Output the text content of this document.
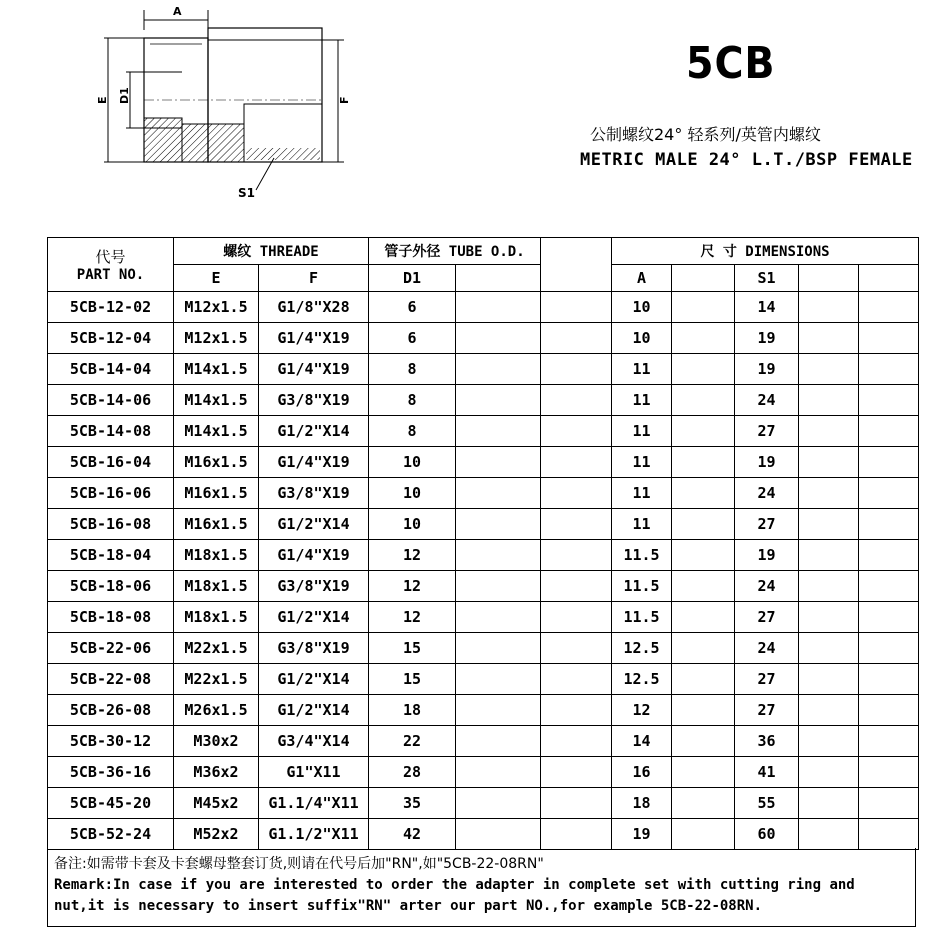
A
E D1	F
S1
5CB
公制螺纹24° 轻系列/英管内螺纹
METRIC MALE 24° L.T./BSP FEMALE
代号
PART NO.	螺纹 THREADE		管子外径 TUBE O.D.			尺 寸 DIMENSIONS				
	E	F	D1			A		S1		
5CB-12-02	M12x1.5	G1/8"X28	6			10		14		
5CB-12-04	M12x1.5	G1/4"X19	6			10		19		
5CB-14-04	M14x1.5	G1/4"X19	8			11		19		
5CB-14-06	M14x1.5	G3/8"X19	8			11		24		
5CB-14-08	M14x1.5	G1/2"X14	8			11		27		
5CB-16-04	M16x1.5	G1/4"X19	10			11		19		
5CB-16-06	M16x1.5	G3/8"X19	10			11		24		
5CB-16-08	M16x1.5	G1/2"X14	10			11		27		
5CB-18-04	M18x1.5	G1/4"X19	12			11.5		19		
5CB-18-06	M18x1.5	G3/8"X19	12			11.5		24		
5CB-18-08	M18x1.5	G1/2"X14	12			11.5		27		
5CB-22-06	M22x1.5	G3/8"X19	15			12.5		24		
5CB-22-08	M22x1.5	G1/2"X14	15			12.5		27		
5CB-26-08	M26x1.5	G1/2"X14	18			12		27		
5CB-30-12	M30x2	G3/4"X14	22			14		36		
5CB-36-16	M36x2	G1"X11	28			16		41		
5CB-45-20	M45x2	G1.1/4"X11	35			18		55		
5CB-52-24	M52x2	G1.1/2"X11	42			19		60		
备注:如需带卡套及卡套螺母整套订货,则请在代号后加"RN",如"5CB-22-08RN"
Remark:In case if you are interested to order the adapter in complete set with cutting ring and
nut,it is necessary to insert suffix"RN" arter our part NO.,for example 5CB-22-08RN.
